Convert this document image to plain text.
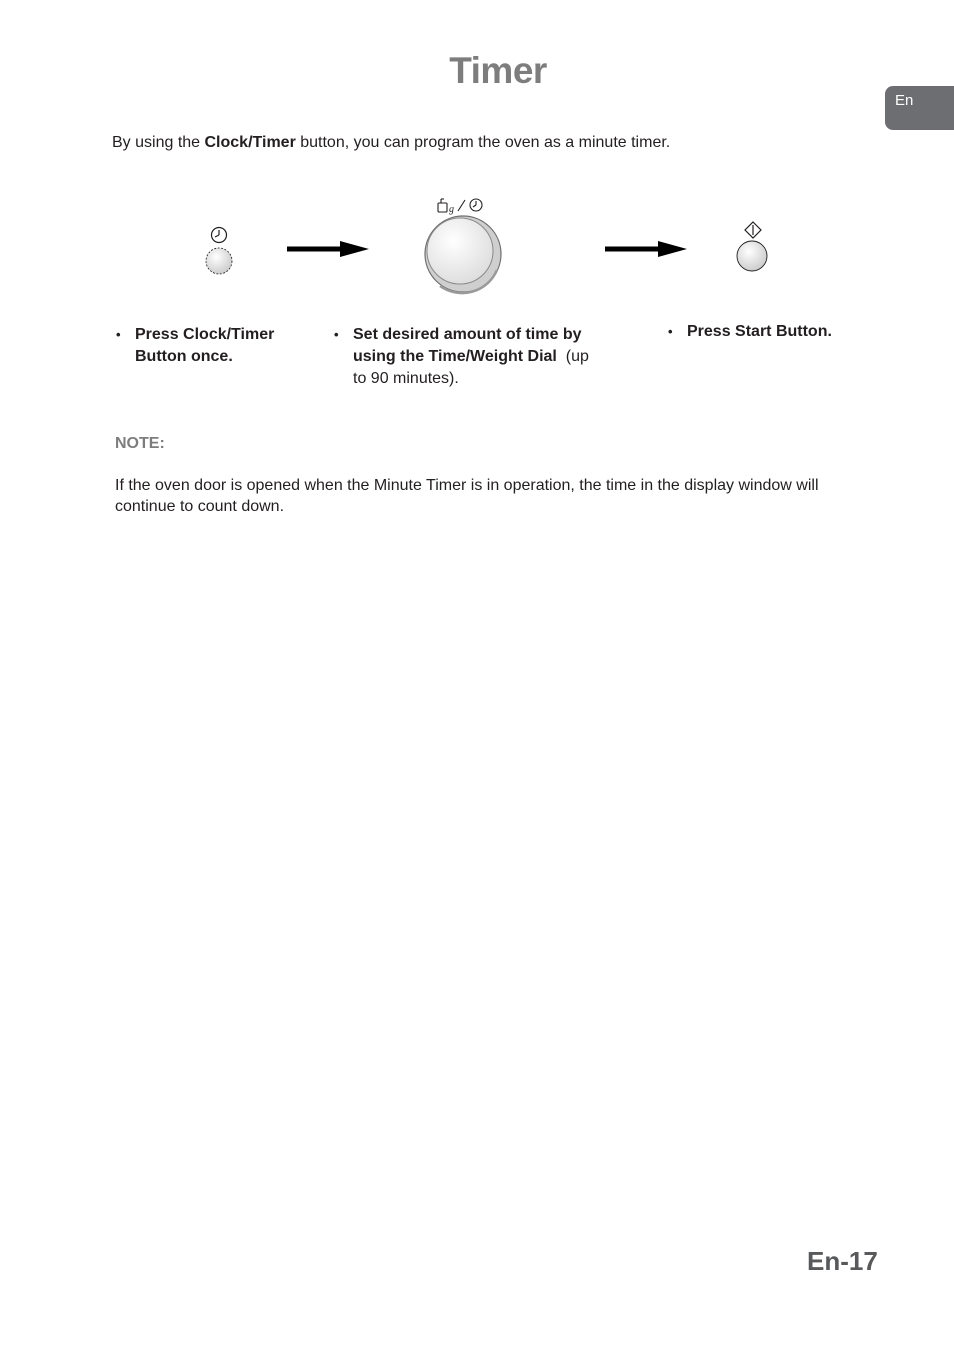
Timer
En

By using the Clock/Timer button, you can program the oven as a minute timer.

g
• Press Clock/Timer Button once.
• Set desired amount of time by using the Time/Weight Dial (up to 90 minutes).
• Press Start Button.

NOTE:

If the oven door is opened when the Minute Timer is in operation, the time in the display window will continue to count down.

En-17
